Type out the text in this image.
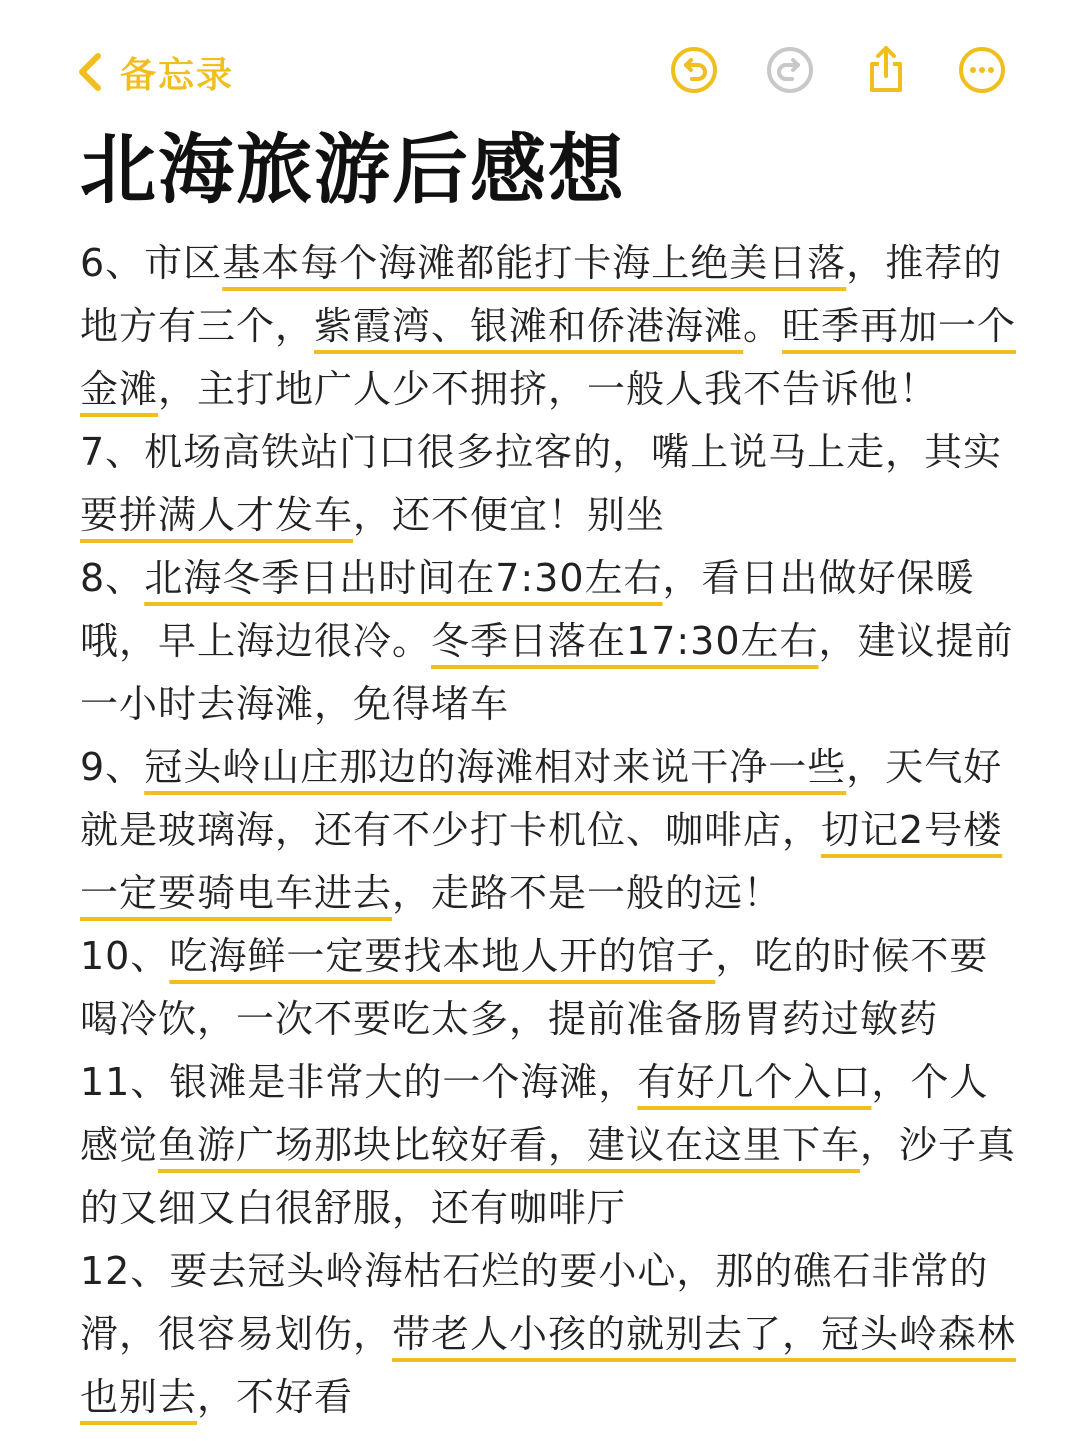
备忘录
北海旅游后感想

6、市区基本每个海滩都能打卡海上绝美日落，推荐的地方有三个，紫霞湾、银滩和侨港海滩。旺季再加一个金滩，主打地广人少不拥挤，一般人我不告诉他！

7、机场高铁站门口很多拉客的，嘴上说马上走，其实要拼满人才发车，还不便宜！别坐

8、北海冬季日出时间在7:30左右，看日出做好保暖哦，早上海边很冷。冬季日落在17:30左右，建议提前一小时去海滩，免得堵车

9、冠头岭山庄那边的海滩相对来说干净一些，天气好就是玻璃海，还有不少打卡机位、咖啡店，切记2号楼一定要骑电车进去，走路不是一般的远！

10、吃海鲜一定要找本地人开的馆子，吃的时候不要喝冷饮，一次不要吃太多，提前准备肠胃药过敏药

11、银滩是非常大的一个海滩，有好几个入口，个人感觉鱼游广场那块比较好看，建议在这里下车，沙子真的又细又白很舒服，还有咖啡厅

12、要去冠头岭海枯石烂的要小心，那的礁石非常的滑，很容易划伤，带老人小孩的就别去了，冠头岭森林也别去，不好看
